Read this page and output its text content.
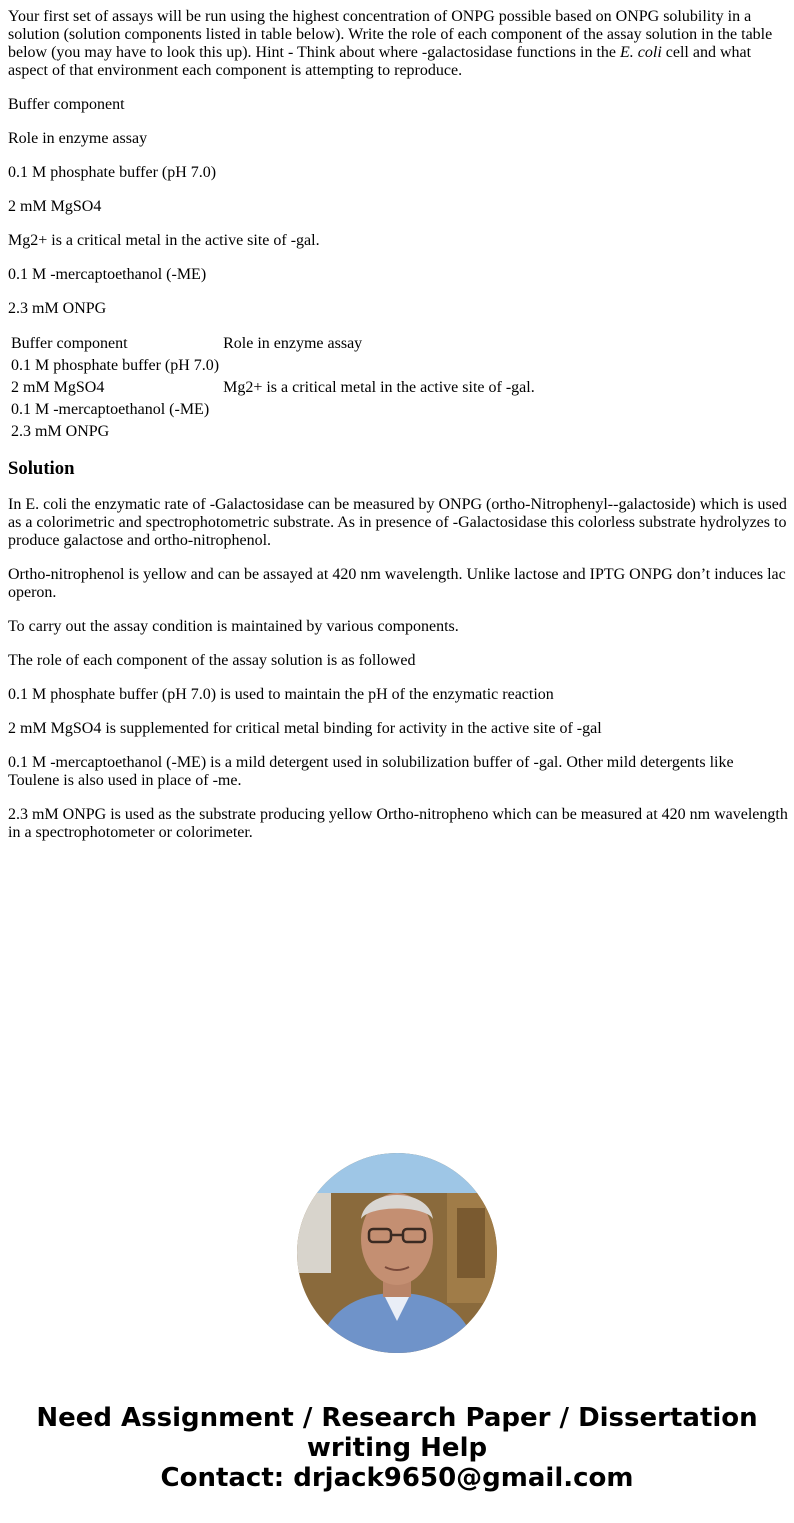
Your first set of assays will be run using the highest concentration of ONPG possible based on ONPG solubility in a solution (solution components listed in table below). Write the role of each component of the assay solution in the table below (you may have to look this up). Hint - Think about where -galactosidase functions in the E. coli cell and what aspect of that environment each component is attempting to reproduce.

Buffer component

Role in enzyme assay

0.1 M phosphate buffer (pH 7.0)

2 mM MgSO4

Mg2+ is a critical metal in the active site of -gal.

0.1 M -mercaptoethanol (-ME)

2.3 mM ONPG

Buffer component	Role in enzyme assay
0.1 M phosphate buffer (pH 7.0)	
2 mM MgSO4	Mg2+ is a critical metal in the active site of -gal.
0.1 M -mercaptoethanol (-ME)	
2.3 mM ONPG	
Solution

In E. coli the enzymatic rate of -Galactosidase can be measured by ONPG (ortho-Nitrophenyl--galactoside) which is used as a colorimetric and spectrophotometric substrate. As in presence of -Galactosidase this colorless substrate hydrolyzes to produce galactose and ortho-nitrophenol.

Ortho-nitrophenol is yellow and can be assayed at 420 nm wavelength. Unlike lactose and IPTG ONPG don’t induces lac operon.

To carry out the assay condition is maintained by various components.

The role of each component of the assay solution is as followed

0.1 M phosphate buffer (pH 7.0) is used to maintain the pH of the enzymatic reaction

2 mM MgSO4 is supplemented for critical metal binding for activity in the active site of -gal

0.1 M -mercaptoethanol (-ME) is a mild detergent used in solubilization buffer of -gal. Other mild detergents like Toulene is also used in place of -me.

2.3 mM ONPG is used as the substrate producing yellow Ortho-nitropheno which can be measured at 420 nm wavelength in a spectrophotometer or colorimeter.

Need Assignment / Research Paper / Dissertation
writing Help
Contact: drjack9650@gmail.com
